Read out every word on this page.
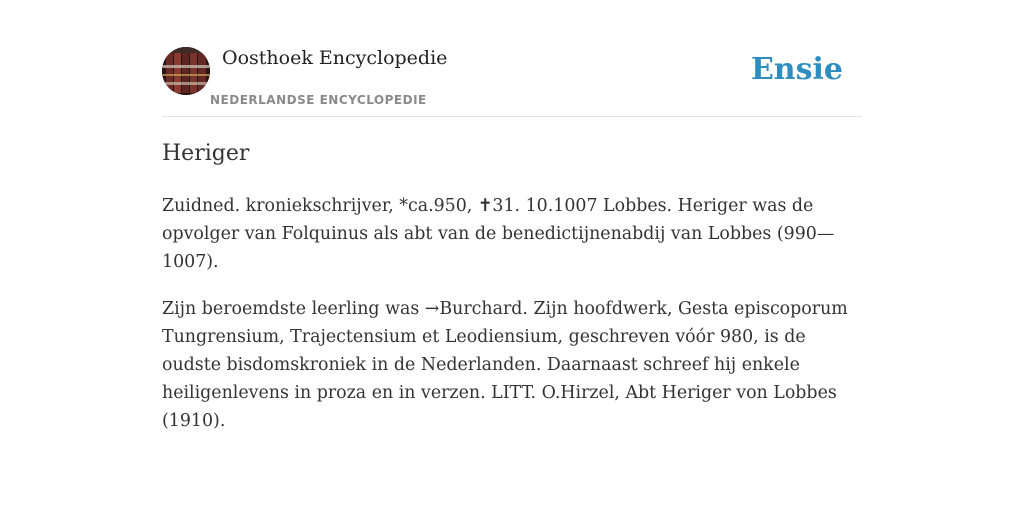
Oosthoek Encyclopedie
NEDERLANDSE ENCYCLOPEDIE
Ensie
Heriger

Zuidned. kroniekschrijver, *ca.950, ✝31. 10.1007 Lobbes. Heriger was de opvolger van Folquinus als abt van de benedictijnenabdij van Lobbes (990—1007).

Zijn beroemdste leerling was →Burchard. Zijn hoofdwerk, Gesta episcoporum Tungrensium, Trajectensium et Leodiensium, geschreven vóór 980, is de oudste bisdomskroniek in de Nederlanden. Daarnaast schreef hij enkele heiligenlevens in proza en in verzen. LITT. O.Hirzel, Abt Heriger von Lobbes (1910).
